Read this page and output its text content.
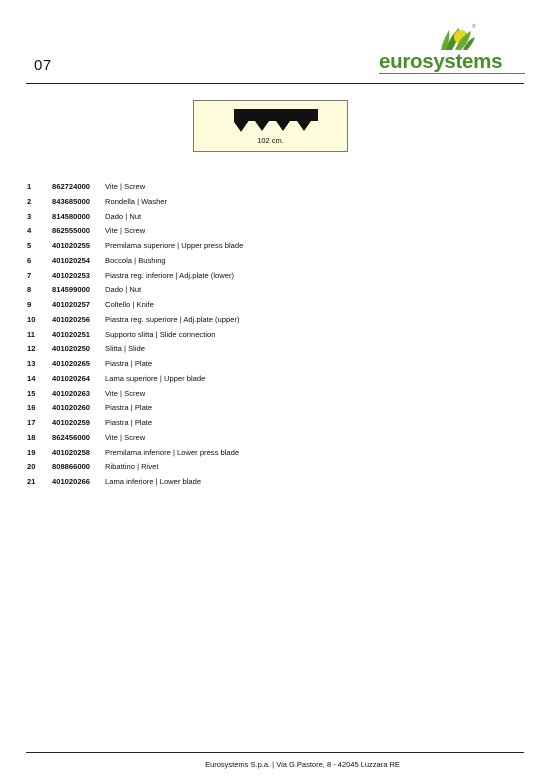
07
®
eurosystems
102 cm.
1	862724000 Vite | Screw
2	843685000 Rondella | Washer
3	814580000 Dado | Nut
4	862555000 Vite | Screw
5	401020255 Premilama superiore | Upper press blade
6	401020254 Boccola | Bushing
7	401020253 Piastra reg. inferiore | Adj.plate (lower)
8	814599000 Dado | Nut
9	401020257 Coltello | Knife
10 401020256 Piastra reg. superiore | Adj.plate (upper)
11 401020251 Supporto slitta | Slide connection
12 401020250 Slitta | Slide
13 401020265 Piastra | Plate
14 401020264 Lama superiore | Upper blade
15 401020263 Vite | Screw
16 401020260 Piastra | Plate
17 401020259 Piastra | Plate
18 862456000 Vite | Screw
19 401020258 Premilama inferiore | Lower press blade
20 808866000 Ribattino | Rivet
21 401020266 Lama inferiore | Lower blade
Eurosystems S.p.a. | Via G.Pastore, 8 - 42045 Luzzara RE
